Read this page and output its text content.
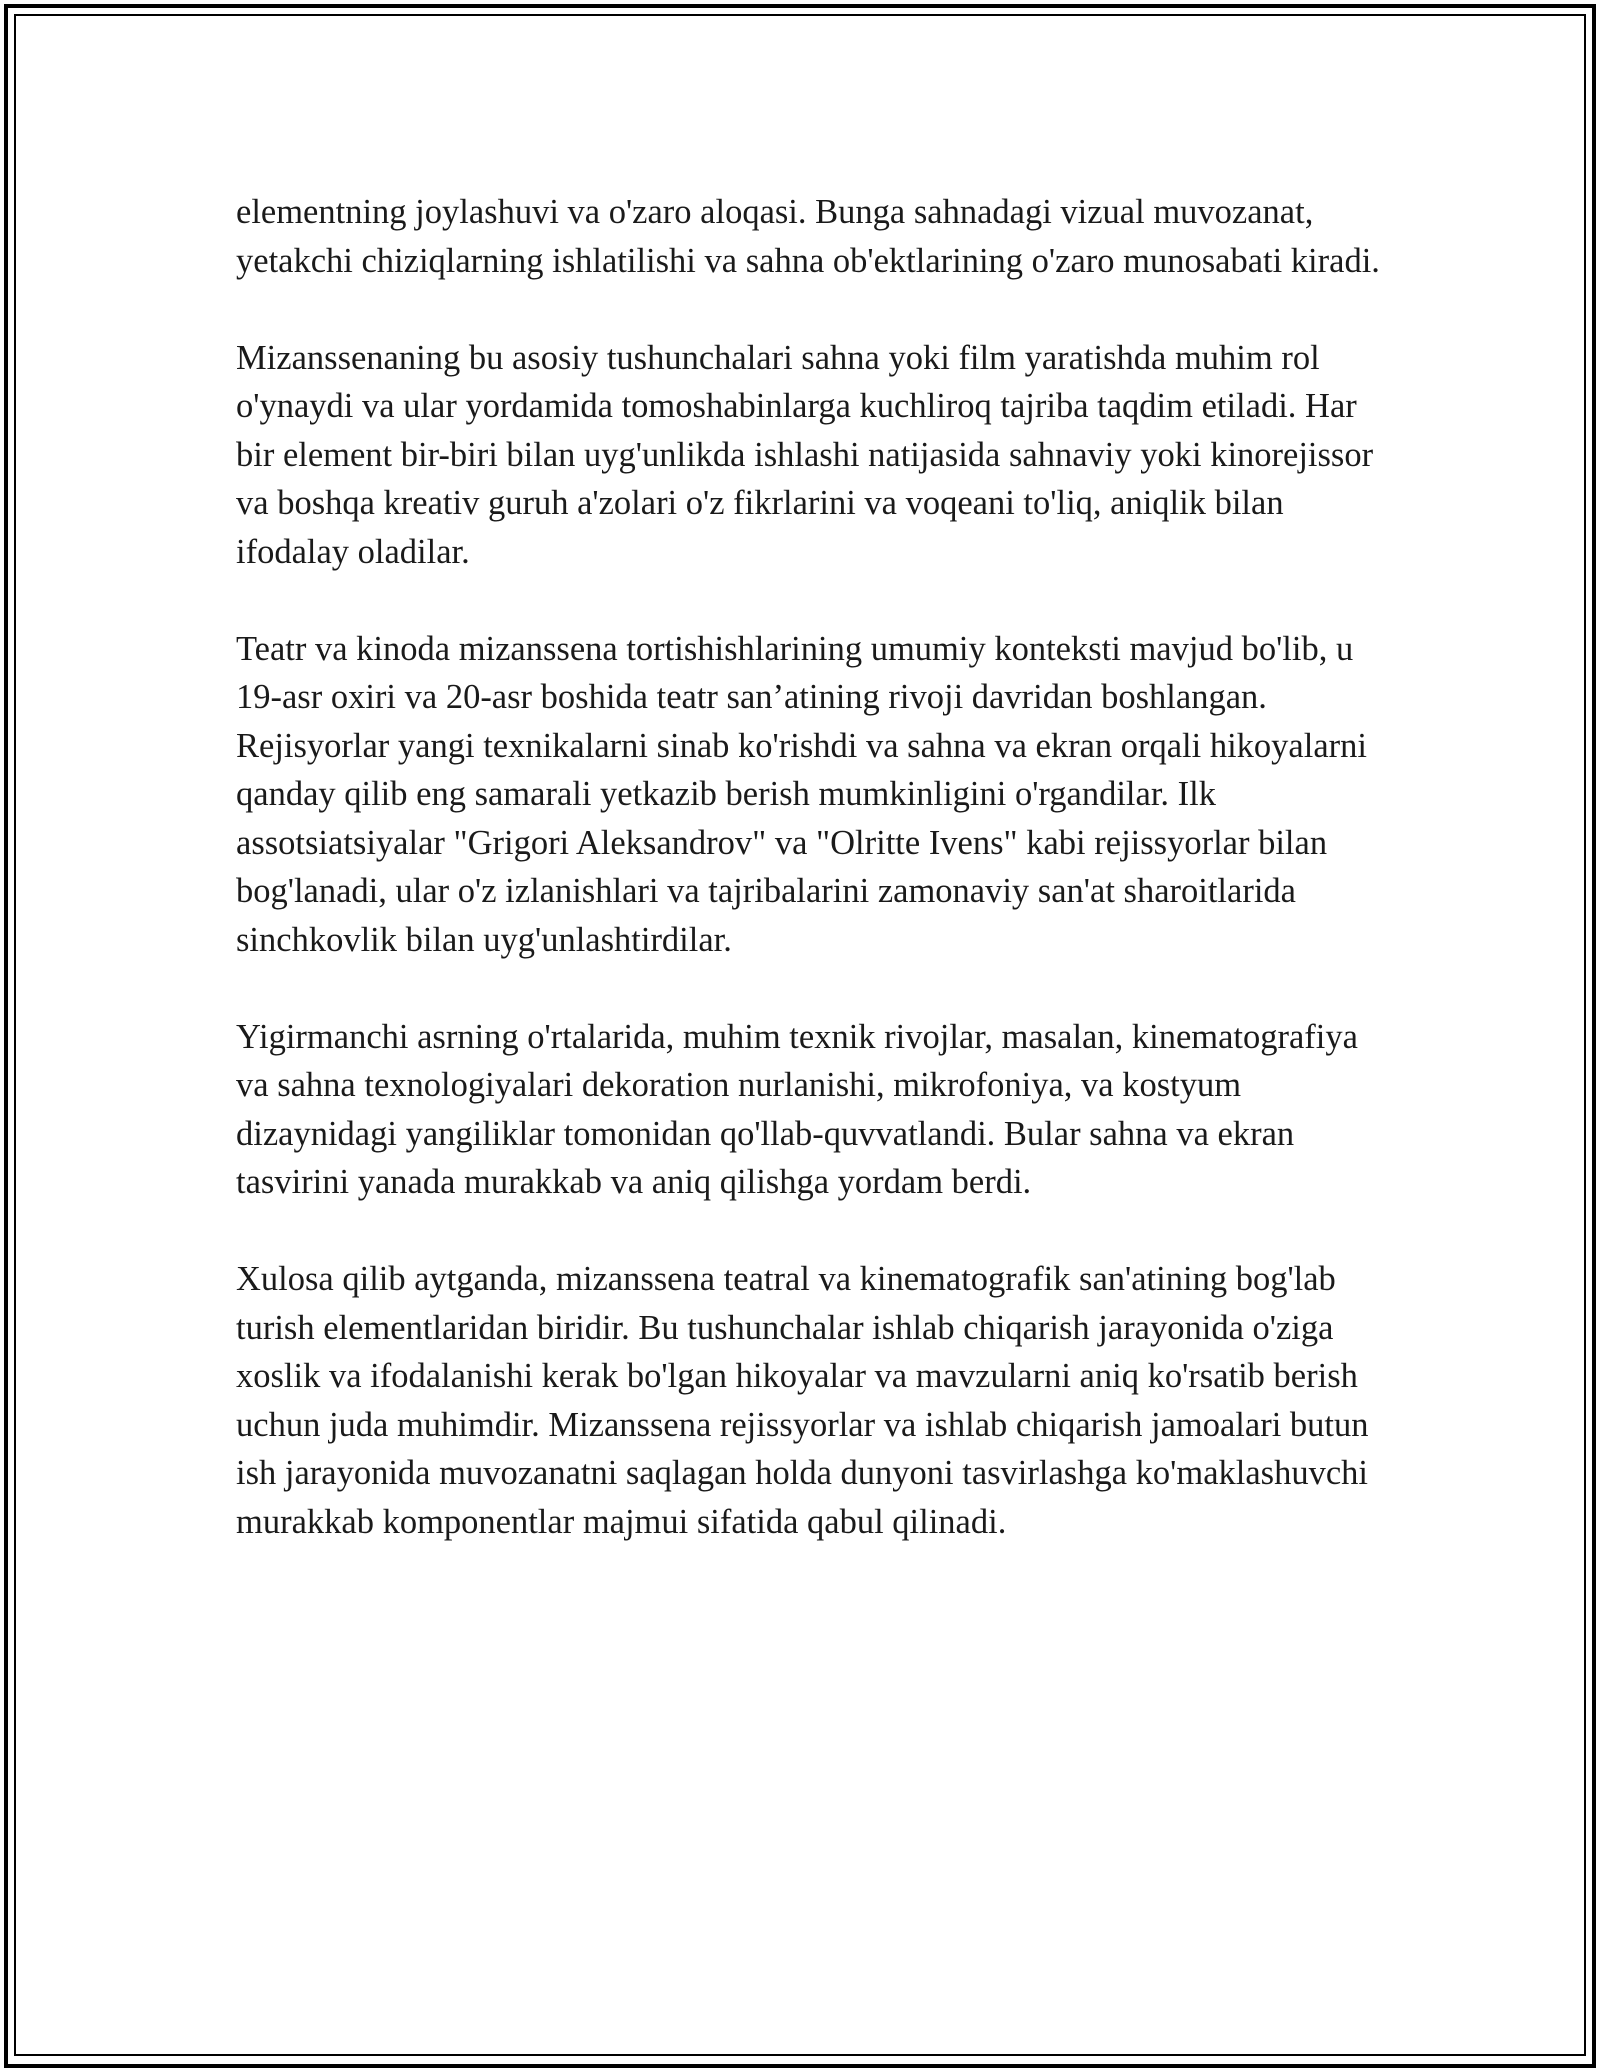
elementning joylashuvi va o'zaro aloqasi. Bunga sahnadagi vizual muvozanat, yetakchi chiziqlarning ishlatilishi va sahna ob'ektlarining o'zaro munosabati kiradi.

Mizanssenaning bu asosiy tushunchalari sahna yoki film yaratishda muhim rol o'ynaydi va ular yordamida tomoshabinlarga kuchliroq tajriba taqdim etiladi. Har bir element bir-biri bilan uyg'unlikda ishlashi natijasida sahnaviy yoki kinorejissor va boshqa kreativ guruh a'zolari o'z fikrlarini va voqeani to'liq, aniqlik bilan ifodalay oladilar.

Teatr va kinoda mizanssena tortishishlarining umumiy konteksti mavjud bo'lib, u 19-asr oxiri va 20-asr boshida teatr san’atining rivoji davridan boshlangan. Rejisyorlar yangi texnikalarni sinab ko'rishdi va sahna va ekran orqali hikoyalarni qanday qilib eng samarali yetkazib berish mumkinligini o'rgandilar. Ilk assotsiatsiyalar "Grigori Aleksandrov" va "Olritte Ivens" kabi rejissyorlar bilan bog'lanadi, ular o'z izlanishlari va tajribalarini zamonaviy san'at sharoitlarida sinchkovlik bilan uyg'unlashtirdilar.

Yigirmanchi asrning o'rtalarida, muhim texnik rivojlar, masalan, kinematografiya va sahna texnologiyalari dekoration nurlanishi, mikrofoniya, va kostyum dizaynidagi yangiliklar tomonidan qo'llab-quvvatlandi. Bular sahna va ekran tasvirini yanada murakkab va aniq qilishga yordam berdi.

Xulosa qilib aytganda, mizanssena teatral va kinematografik san'atining bog'lab turish elementlaridan biridir. Bu tushunchalar ishlab chiqarish jarayonida o'ziga xoslik va ifodalanishi kerak bo'lgan hikoyalar va mavzularni aniq ko'rsatib berish uchun juda muhimdir. Mizanssena rejissyorlar va ishlab chiqarish jamoalari butun ish jarayonida muvozanatni saqlagan holda dunyoni tasvirlashga ko'maklashuvchi murakkab komponentlar majmui sifatida qabul qilinadi.
